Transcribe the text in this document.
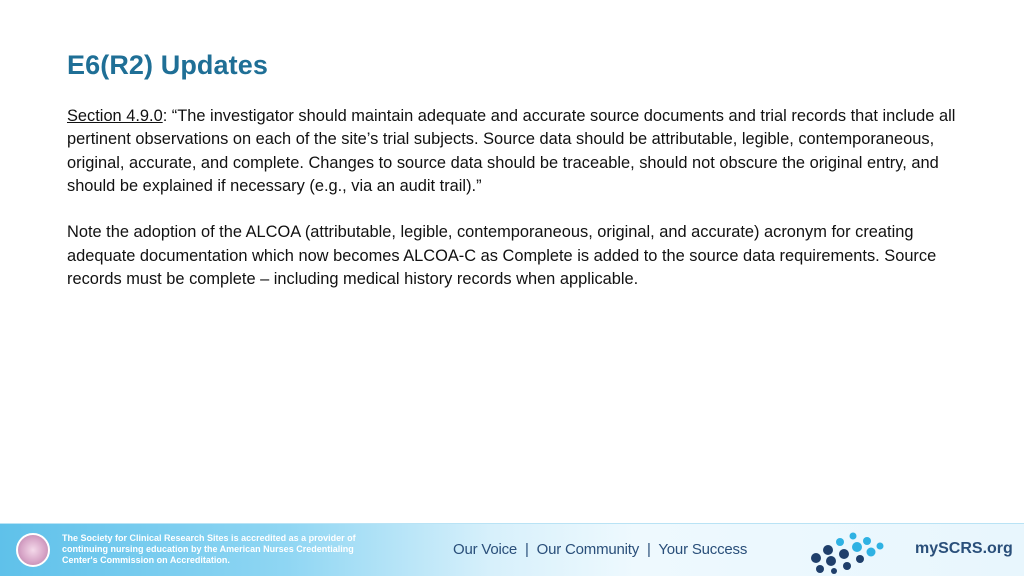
E6(R2) Updates

Section 4.9.0: “The investigator should maintain adequate and accurate source documents and trial records that include all pertinent observations on each of the site’s trial subjects. Source data should be attributable, legible, contemporaneous, original, accurate, and complete. Changes to source data should be traceable, should not obscure the original entry, and should be explained if necessary (e.g., via an audit trail).”

Note the adoption of the ALCOA (attributable, legible, contemporaneous, original, and accurate) acronym for creating adequate documentation which now becomes ALCOA-C as Complete is added to the source data requirements. Source records must be complete – including medical history records when applicable.

The Society for Clinical Research Sites is accredited as a provider of
continuing nursing education by the American Nurses Credentialing
Center's Commission on Accreditation.
Our Voice  |  Our Community  |  Your Success	mySCRS.org
